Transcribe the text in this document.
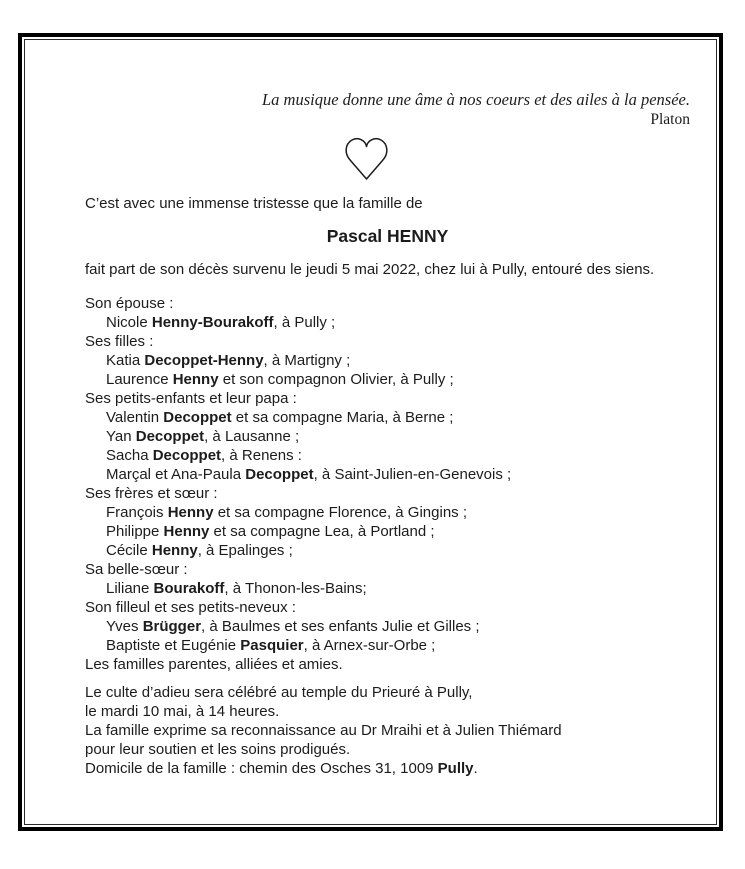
La musique donne une âme à nos coeurs et des ailes à la pensée.
Platon
C’est avec une immense tristesse que la famille de
Pascal HENNY
fait part de son décès survenu le jeudi 5 mai 2022, chez lui à Pully, entouré des siens.
Son épouse :
Nicole Henny-Bourakoff, à Pully ;
Ses filles :
Katia Decoppet-Henny, à Martigny ;
Laurence Henny et son compagnon Olivier, à Pully ;
Ses petits-enfants et leur papa :
Valentin Decoppet et sa compagne Maria, à Berne ;
Yan Decoppet, à Lausanne ;
Sacha Decoppet, à Renens :
Marçal et Ana-Paula Decoppet, à Saint-Julien-en-Genevois ;
Ses frères et sœur :
François Henny et sa compagne Florence, à Gingins ;
Philippe Henny et sa compagne Lea, à Portland ;
Cécile Henny, à Epalinges ;
Sa belle-sœur :
Liliane Bourakoff, à Thonon-les-Bains;
Son filleul et ses petits-neveux :
Yves Brügger, à Baulmes et ses enfants Julie et Gilles ;
Baptiste et Eugénie Pasquier, à Arnex-sur-Orbe ;
Les familles parentes, alliées et amies.
Le culte d’adieu sera célébré au temple du Prieuré à Pully,
le mardi 10 mai, à 14 heures.
La famille exprime sa reconnaissance au Dr Mraihi et à Julien Thiémard
pour leur soutien et les soins prodigués.
Domicile de la famille : chemin des Osches 31, 1009 Pully.
